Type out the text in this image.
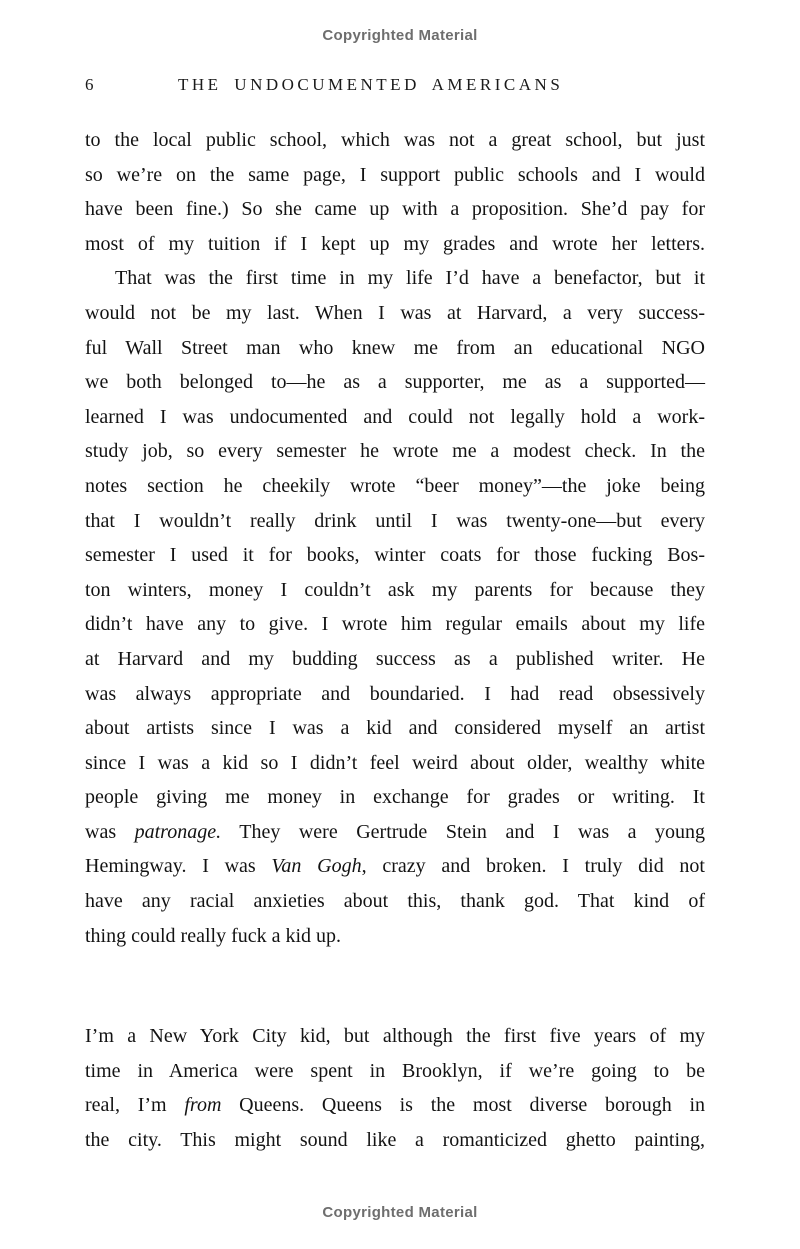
Copyrighted Material
6	THE UNDOCUMENTED AMERICANS
to the local public school, which was not a great school, but just
so we’re on the same page, I support public schools and I would
have been fine.) So she came up with a proposition. She’d pay for
most of my tuition if I kept up my grades and wrote her letters.
That was the first time in my life I’d have a benefactor, but it
would not be my last. When I was at Harvard, a very success-
ful Wall Street man who knew me from an educational NGO
we both belonged to—he as a supporter, me as a supported—
learned I was undocumented and could not legally hold a work-
study job, so every semester he wrote me a modest check. In the
notes section he cheekily wrote “beer money”—the joke being
that I wouldn’t really drink until I was twenty-one—but every
semester I used it for books, winter coats for those fucking Bos-
ton winters, money I couldn’t ask my parents for because they
didn’t have any to give. I wrote him regular emails about my life
at Harvard and my budding success as a published writer. He
was always appropriate and boundaried. I had read obsessively
about artists since I was a kid and considered myself an artist
since I was a kid so I didn’t feel weird about older, wealthy white
people giving me money in exchange for grades or writing. It
was patronage. They were Gertrude Stein and I was a young
Hemingway. I was Van Gogh, crazy and broken. I truly did not
have any racial anxieties about this, thank god. That kind of
thing could really fuck a kid up.
I’m a New York City kid, but although the first five years of my
time in America were spent in Brooklyn, if we’re going to be
real, I’m from Queens. Queens is the most diverse borough in
the city. This might sound like a romanticized ghetto painting,
Copyrighted Material
